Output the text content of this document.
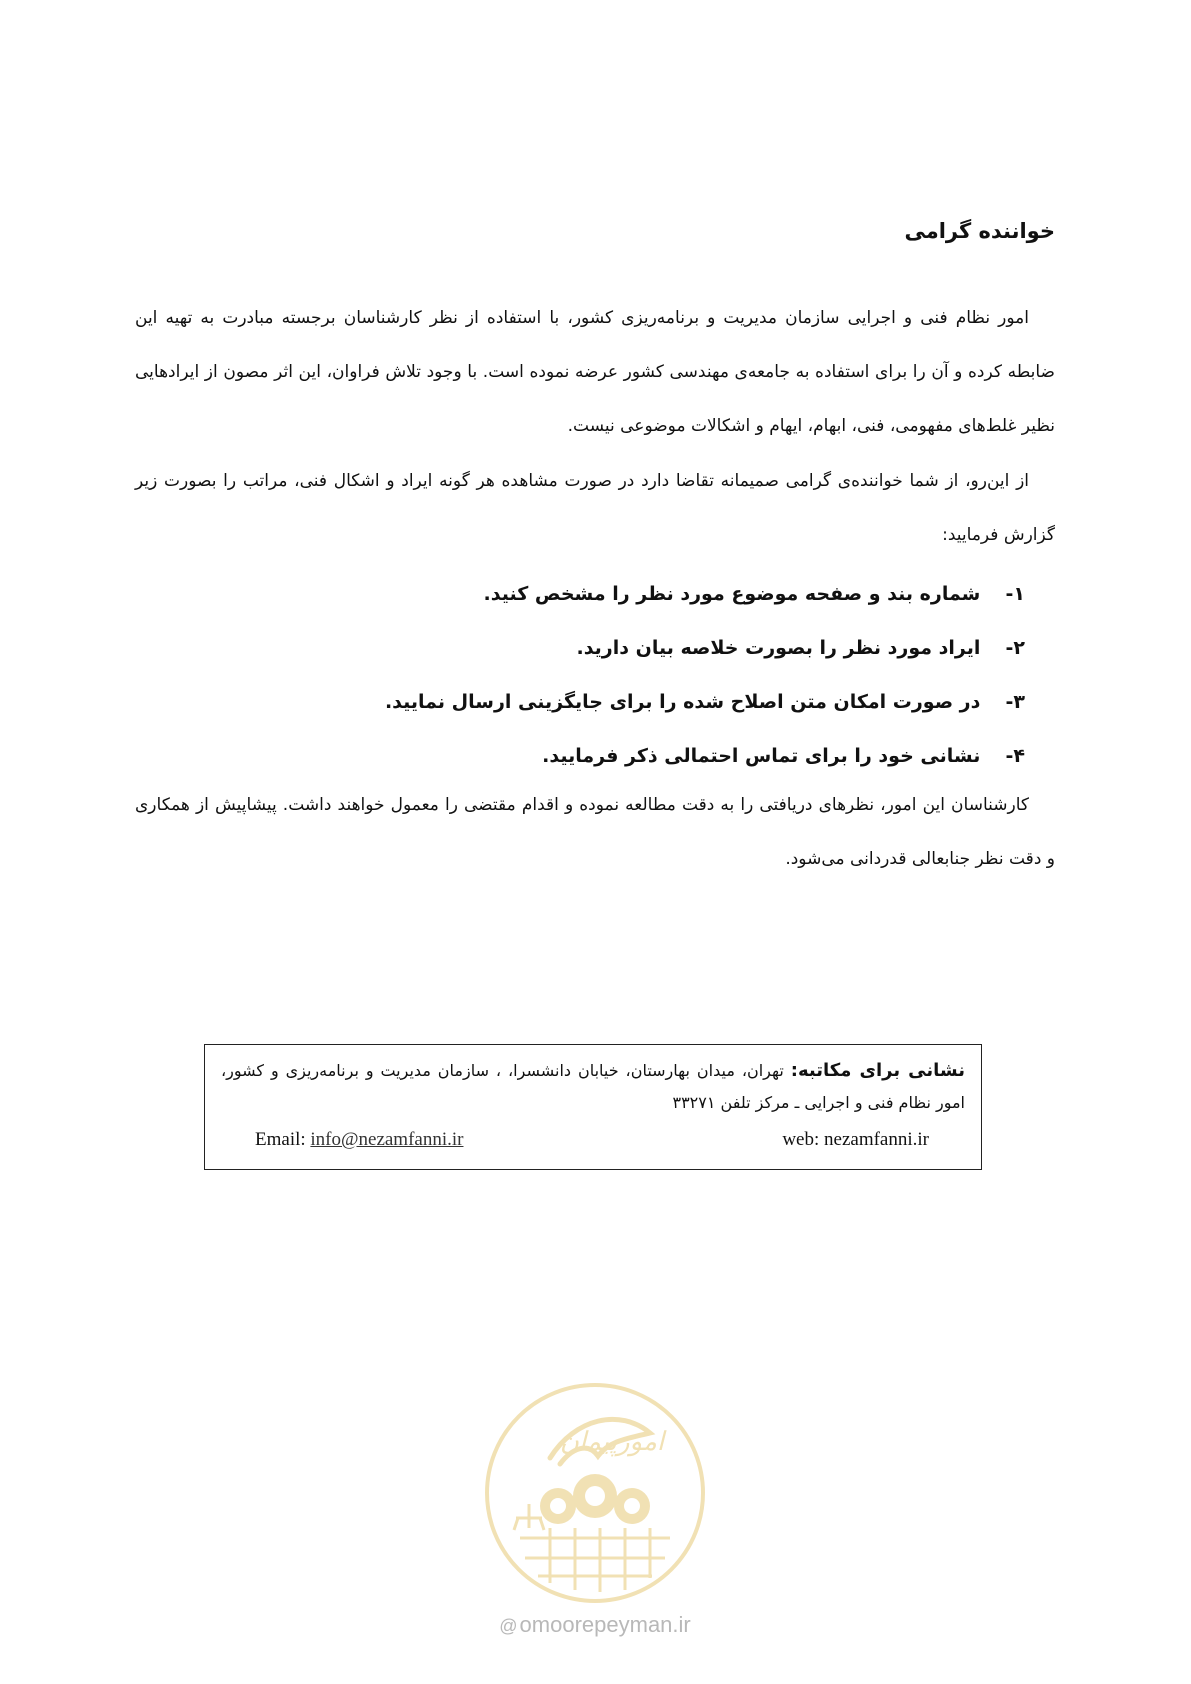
خواننده گرامی

امور نظام فنی و اجرایی سازمان مدیریت و برنامه‌ریزی کشور، با استفاده از نظر کارشناسان برجسته مبادرت به تهیه این ضابطه کرده و آن را برای استفاده به جامعه‌ی مهندسی کشور عرضه نموده است. با وجود تلاش فراوان، این اثر مصون از ایرادهایی نظیر غلط‌های مفهومی، فنی، ابهام، ایهام و اشکالات موضوعی نیست.

از این‌رو، از شما خواننده‌ی گرامی صمیمانه تقاضا دارد در صورت مشاهده هر گونه ایراد و اشکال فنی، مراتب را بصورت زیر گزارش فرمایید:

۱- شماره بند و صفحه موضوع مورد نظر را مشخص کنید.
۲- ایراد مورد نظر را بصورت خلاصه بیان دارید.
۳- در صورت امکان متن اصلاح شده را برای جایگزینی ارسال نمایید.
۴- نشانی خود را برای تماس احتمالی ذکر فرمایید.

کارشناسان این امور، نظرهای دریافتی را به دقت مطالعه نموده و اقدام مقتضی را معمول خواهند داشت. پیشاپیش از همکاری و دقت نظر جنابعالی قدردانی می‌شود.

نشانی برای مکاتبه: تهران، میدان بهارستان، خیابان دانشسرا، ، سازمان مدیریت و برنامه‌ریزی و کشور، امور نظام فنی و اجرایی ـ مرکز تلفن ۳۳۲۷۱
Email: info@nezamfanni.ir	web: nezamfanni.ir
امورپیمان
@omoorepeyman.ir
